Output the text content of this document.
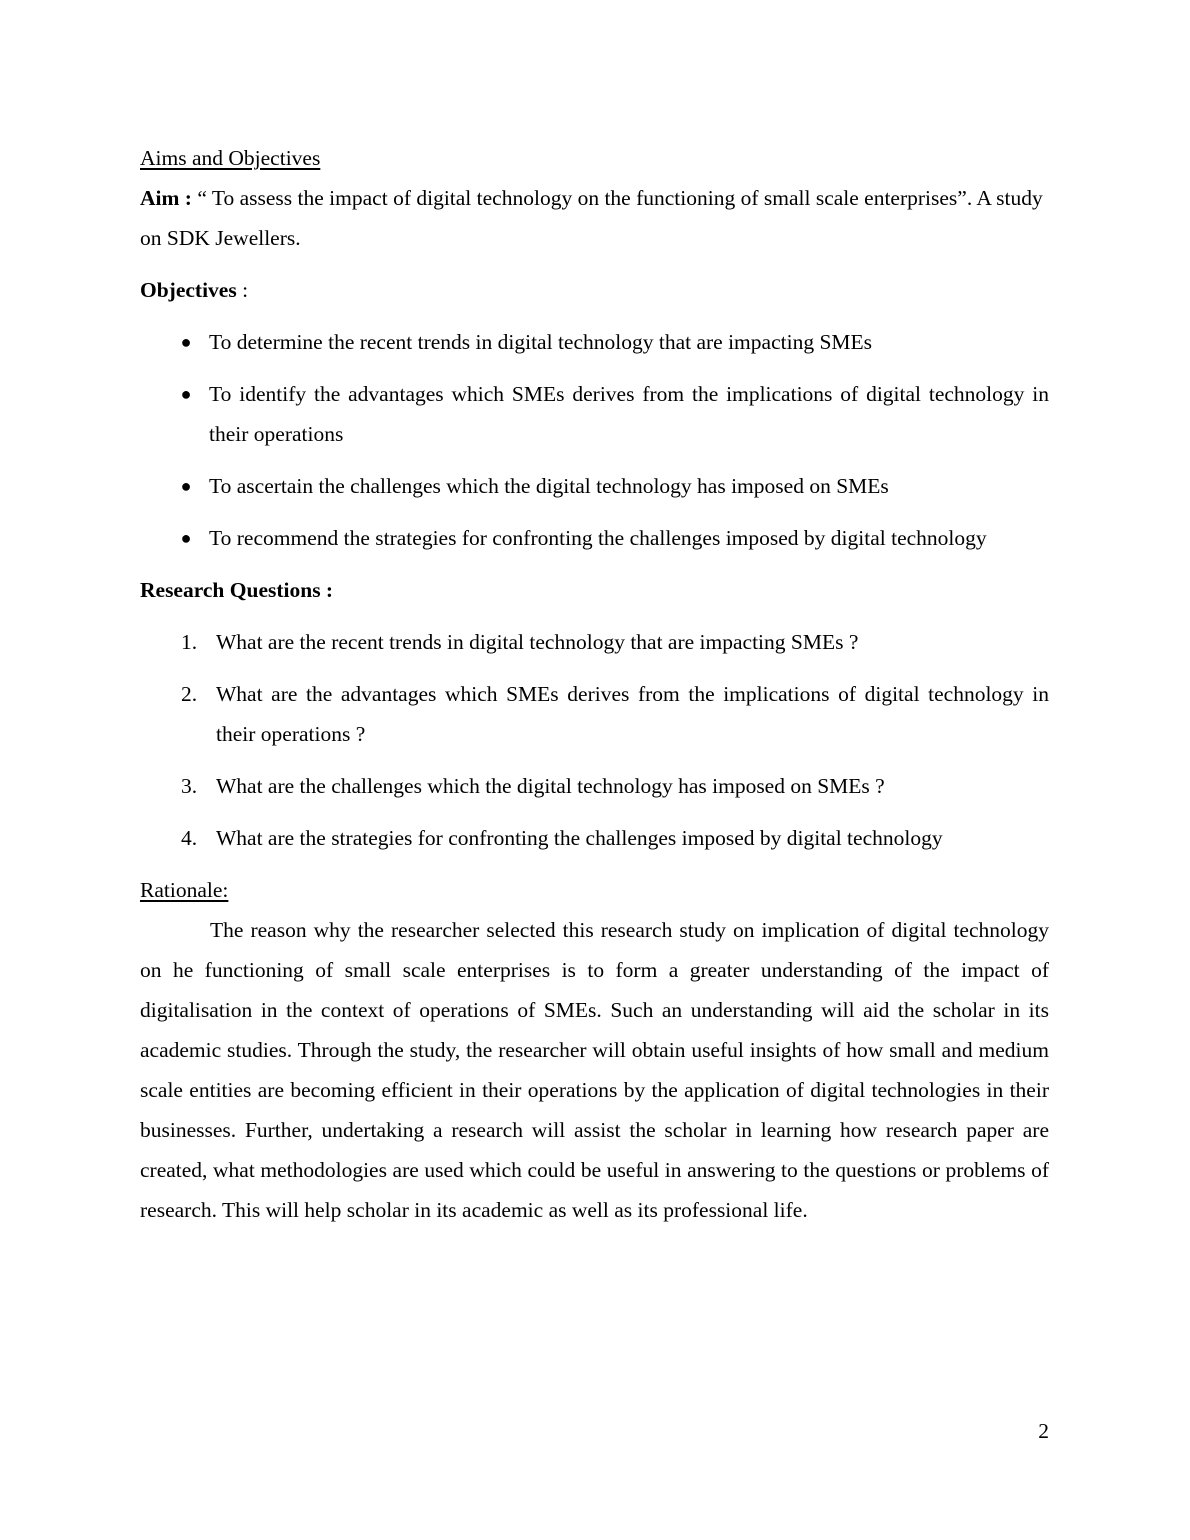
Aims and Objectives

Aim : “ To assess the impact of digital technology on the functioning of small scale enterprises”. A study on SDK Jewellers.

Objectives :

● To determine the recent trends in digital technology that are impacting SMEs
● To identify the advantages which SMEs derives from the implications of digital technology in their operations
● To ascertain the challenges which the digital technology has imposed on SMEs
● To recommend the strategies for confronting the challenges imposed by digital technology

Research Questions :

1. What are the recent trends in digital technology that are impacting SMEs ?
2. What are the advantages which SMEs derives from the implications of digital technology in their operations ?
3. What are the challenges which the digital technology has imposed on SMEs ?
4. What are the strategies for confronting the challenges imposed by digital technology

Rationale:

The reason why the researcher selected this research study on implication of digital technology on he functioning of small scale enterprises is to form a greater understanding of the impact of digitalisation in the context of operations of SMEs. Such an understanding will aid the scholar in its academic studies. Through the study, the researcher will obtain useful insights of how small and medium scale entities are becoming efficient in their operations by the application of digital technologies in their businesses. Further, undertaking a research will assist the scholar in learning how research paper are created, what methodologies are used which could be useful in answering to the questions or problems of research. This will help scholar in its academic as well as its professional life.

2
